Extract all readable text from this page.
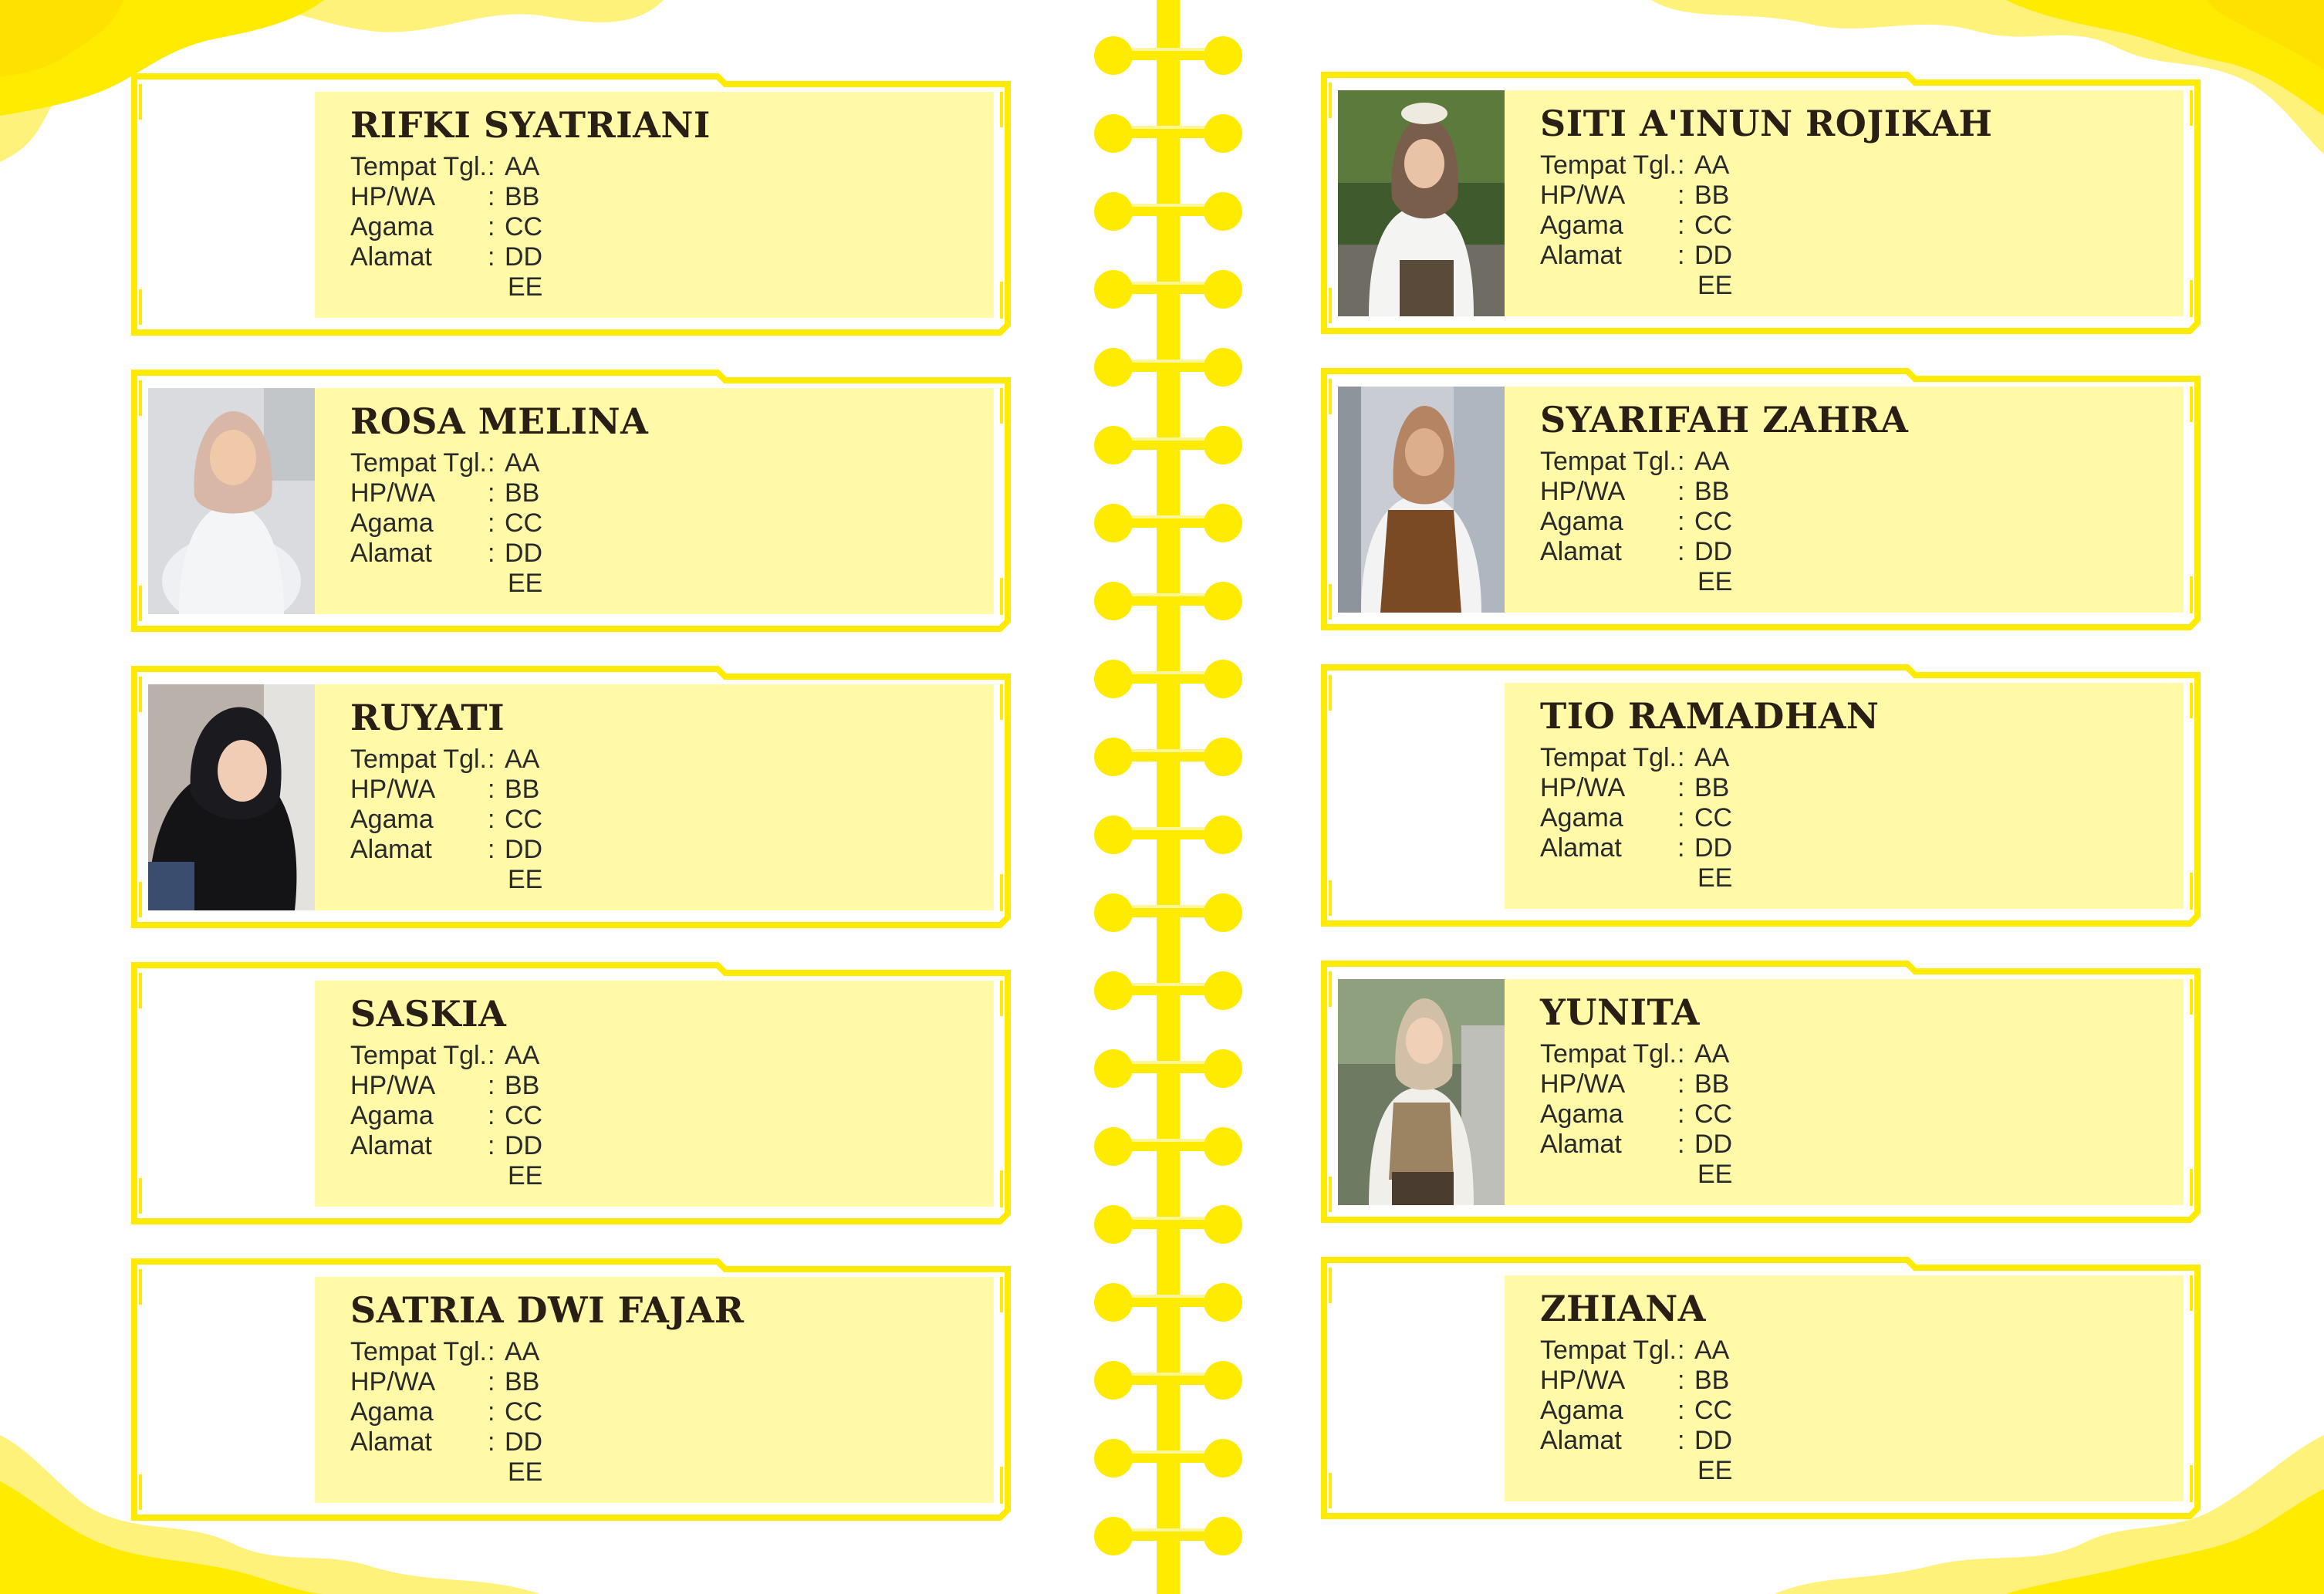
RIFKI SYATRIANI
Tempat Tgl. : AA
HP/WA : BB
Agama : CC
Alamat : DD
EE
ROSA MELINA
Tempat Tgl. : AA
HP/WA : BB
Agama : CC
Alamat : DD
EE
RUYATI
Tempat Tgl. : AA
HP/WA : BB
Agama : CC
Alamat : DD
EE
SASKIA
Tempat Tgl. : AA
HP/WA : BB
Agama : CC
Alamat : DD
EE
SATRIA DWI FAJAR
Tempat Tgl. : AA
HP/WA : BB
Agama : CC
Alamat : DD
EE
SITI A'INUN ROJIKAH
Tempat Tgl. : AA
HP/WA : BB
Agama : CC
Alamat : DD
EE
SYARIFAH ZAHRA
Tempat Tgl. : AA
HP/WA : BB
Agama : CC
Alamat : DD
EE
TIO RAMADHAN
Tempat Tgl. : AA
HP/WA : BB
Agama : CC
Alamat : DD
EE
YUNITA
Tempat Tgl. : AA
HP/WA : BB
Agama : CC
Alamat : DD
EE
ZHIANA
Tempat Tgl. : AA
HP/WA : BB
Agama : CC
Alamat : DD
EE
